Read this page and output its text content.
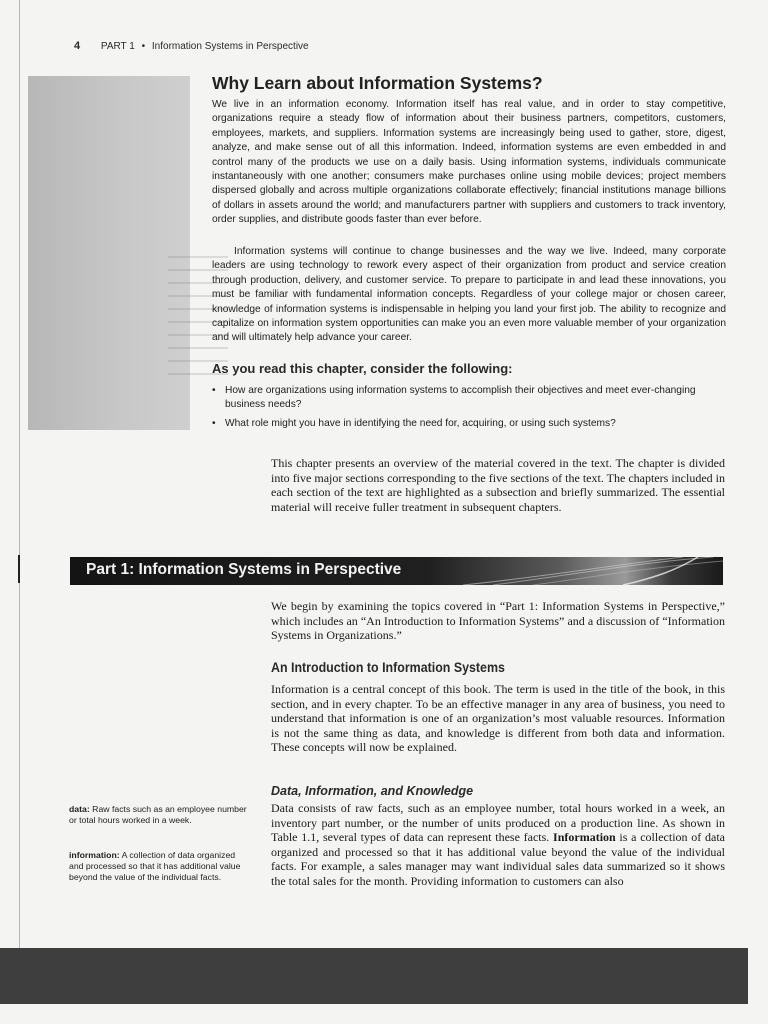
4 PART 1 • Information Systems in Perspective
Why Learn about Information Systems?

We live in an information economy. Information itself has real value, and in order to stay competitive, organizations require a steady flow of information about their business partners, competitors, customers, employees, markets, and suppliers. Information systems are increasingly being used to gather, store, digest, analyze, and make sense out of all this information. Indeed, information systems are even embedded in and control many of the products we use on a daily basis. Using information systems, individuals communicate instantaneously with one another; consumers make purchases online using mobile devices; project members dispersed globally and across multiple organizations collaborate effectively; financial institutions manage billions of dollars in assets around the world; and manufacturers partner with suppliers and customers to track inventory, order supplies, and distribute goods faster than ever before.

Information systems will continue to change businesses and the way we live. Indeed, many corporate leaders are using technology to rework every aspect of their organization from product and service creation through production, delivery, and customer service. To prepare to participate in and lead these innovations, you must be familiar with fundamental information concepts. Regardless of your college major or chosen career, knowledge of information systems is indispensable in helping you land your first job. The ability to recognize and capitalize on information system opportunities can make you an even more valuable member of your organization and will ultimately help advance your career.

As you read this chapter, consider the following:
• How are organizations using information systems to accomplish their objectives and meet ever-changing business needs?
• What role might you have in identifying the need for, acquiring, or using such systems?

This chapter presents an overview of the material covered in the text. The chapter is divided into five major sections corresponding to the five sections of the text. The chapters included in each section of the text are highlighted as a subsection and briefly summarized. The essential material will receive fuller treatment in subsequent chapters.

Part 1: Information Systems in Perspective

We begin by examining the topics covered in “Part 1: Information Systems in Perspective,” which includes an “An Introduction to Information Systems” and a discussion of “Information Systems in Organizations.”

An Introduction to Information Systems

Information is a central concept of this book. The term is used in the title of the book, in this section, and in every chapter. To be an effective manager in any area of business, you need to understand that information is one of an organization’s most valuable resources. Information is not the same thing as data, and knowledge is different from both data and information. These concepts will now be explained.

Data, Information, and Knowledge

Data consists of raw facts, such as an employee number, total hours worked in a week, an inventory part number, or the number of units produced on a production line. As shown in Table 1.1, several types of data can represent these facts. Information is a collection of data organized and processed so that it has additional value beyond the value of the individual facts. For example, a sales manager may want individual sales data summarized so it shows the total sales for the month. Providing information to customers can also

data: Raw facts such as an employee number or total hours worked in a week.

information: A collection of data organized and processed so that it has additional value beyond the value of the individual facts.
